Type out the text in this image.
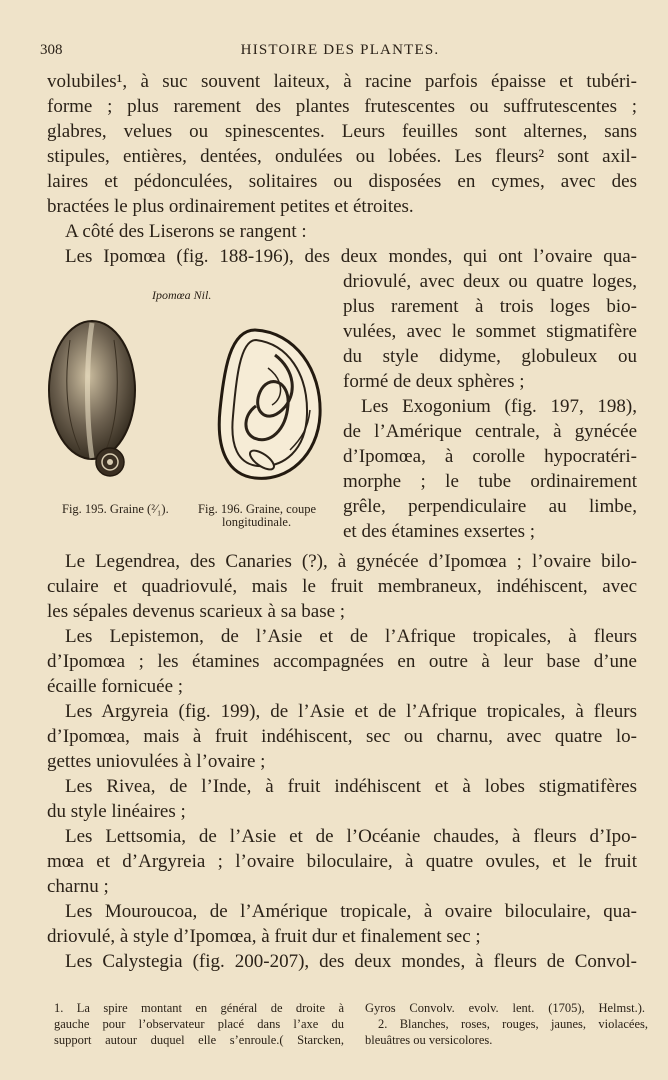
308	HISTOIRE DES PLANTES.
volubiles¹, à suc souvent laiteux, à racine parfois épaisse et tubéri-
forme ; plus rarement des plantes frutescentes ou suffrutescentes ;
glabres, velues ou spinescentes. Leurs feuilles sont alternes, sans
stipules, entières, dentées, ondulées ou lobées. Les fleurs² sont axil-
laires et pédonculées, solitaires ou disposées en cymes, avec des
bractées le plus ordinairement petites et étroites.
A côté des Liserons se rangent :
Les Ipomœa (fig. 188-196), des deux mondes, qui ont l’ovaire qua-
driovulé, avec deux ou quatre loges,
plus rarement à trois loges bio-
vulées, avec le sommet stigmatifère
du style didyme, globuleux ou
formé de deux sphères ;
Les Exogonium (fig. 197, 198),
de l’Amérique centrale, à gynécée
d’Ipomœa, à corolle hypocratéri-
morphe ; le tube ordinairement
grêle, perpendiculaire au limbe,
et des étamines exsertes ;
Ipomœa Nil.
Fig. 195. Graine (²⁄₁). Fig. 196. Graine, coupe
longitudinale.
Le Legendrea, des Canaries (?), à gynécée d’Ipomœa ; l’ovaire bilo-
culaire et quadriovulé, mais le fruit membraneux, indéhiscent, avec
les sépales devenus scarieux à sa base ;
Les Lepistemon, de l’Asie et de l’Afrique tropicales, à fleurs
d’Ipomœa ; les étamines accompagnées en outre à leur base d’une
écaille fornicuée ;
Les Argyreia (fig. 199), de l’Asie et de l’Afrique tropicales, à fleurs
d’Ipomœa, mais à fruit indéhiscent, sec ou charnu, avec quatre lo-
gettes uniovulées à l’ovaire ;
Les Rivea, de l’Inde, à fruit indéhiscent et à lobes stigmatifères
du style linéaires ;
Les Lettsomia, de l’Asie et de l’Océanie chaudes, à fleurs d’Ipo-
mœa et d’Argyreia ; l’ovaire biloculaire, à quatre ovules, et le fruit
charnu ;
Les Mouroucoa, de l’Amérique tropicale, à ovaire biloculaire, qua-
driovulé, à style d’Ipomœa, à fruit dur et finalement sec ;
Les Calystegia (fig. 200-207), des deux mondes, à fleurs de Convol-
1. La spire montant en général de droite à
gauche pour l’observateur placé dans l’axe du
support autour duquel elle s’enroule.( Starcken,
Gyros Convolv. evolv. lent. (1705), Helmst.).
2. Blanches, roses, rouges, jaunes, violacées,
bleuâtres ou versicolores.
